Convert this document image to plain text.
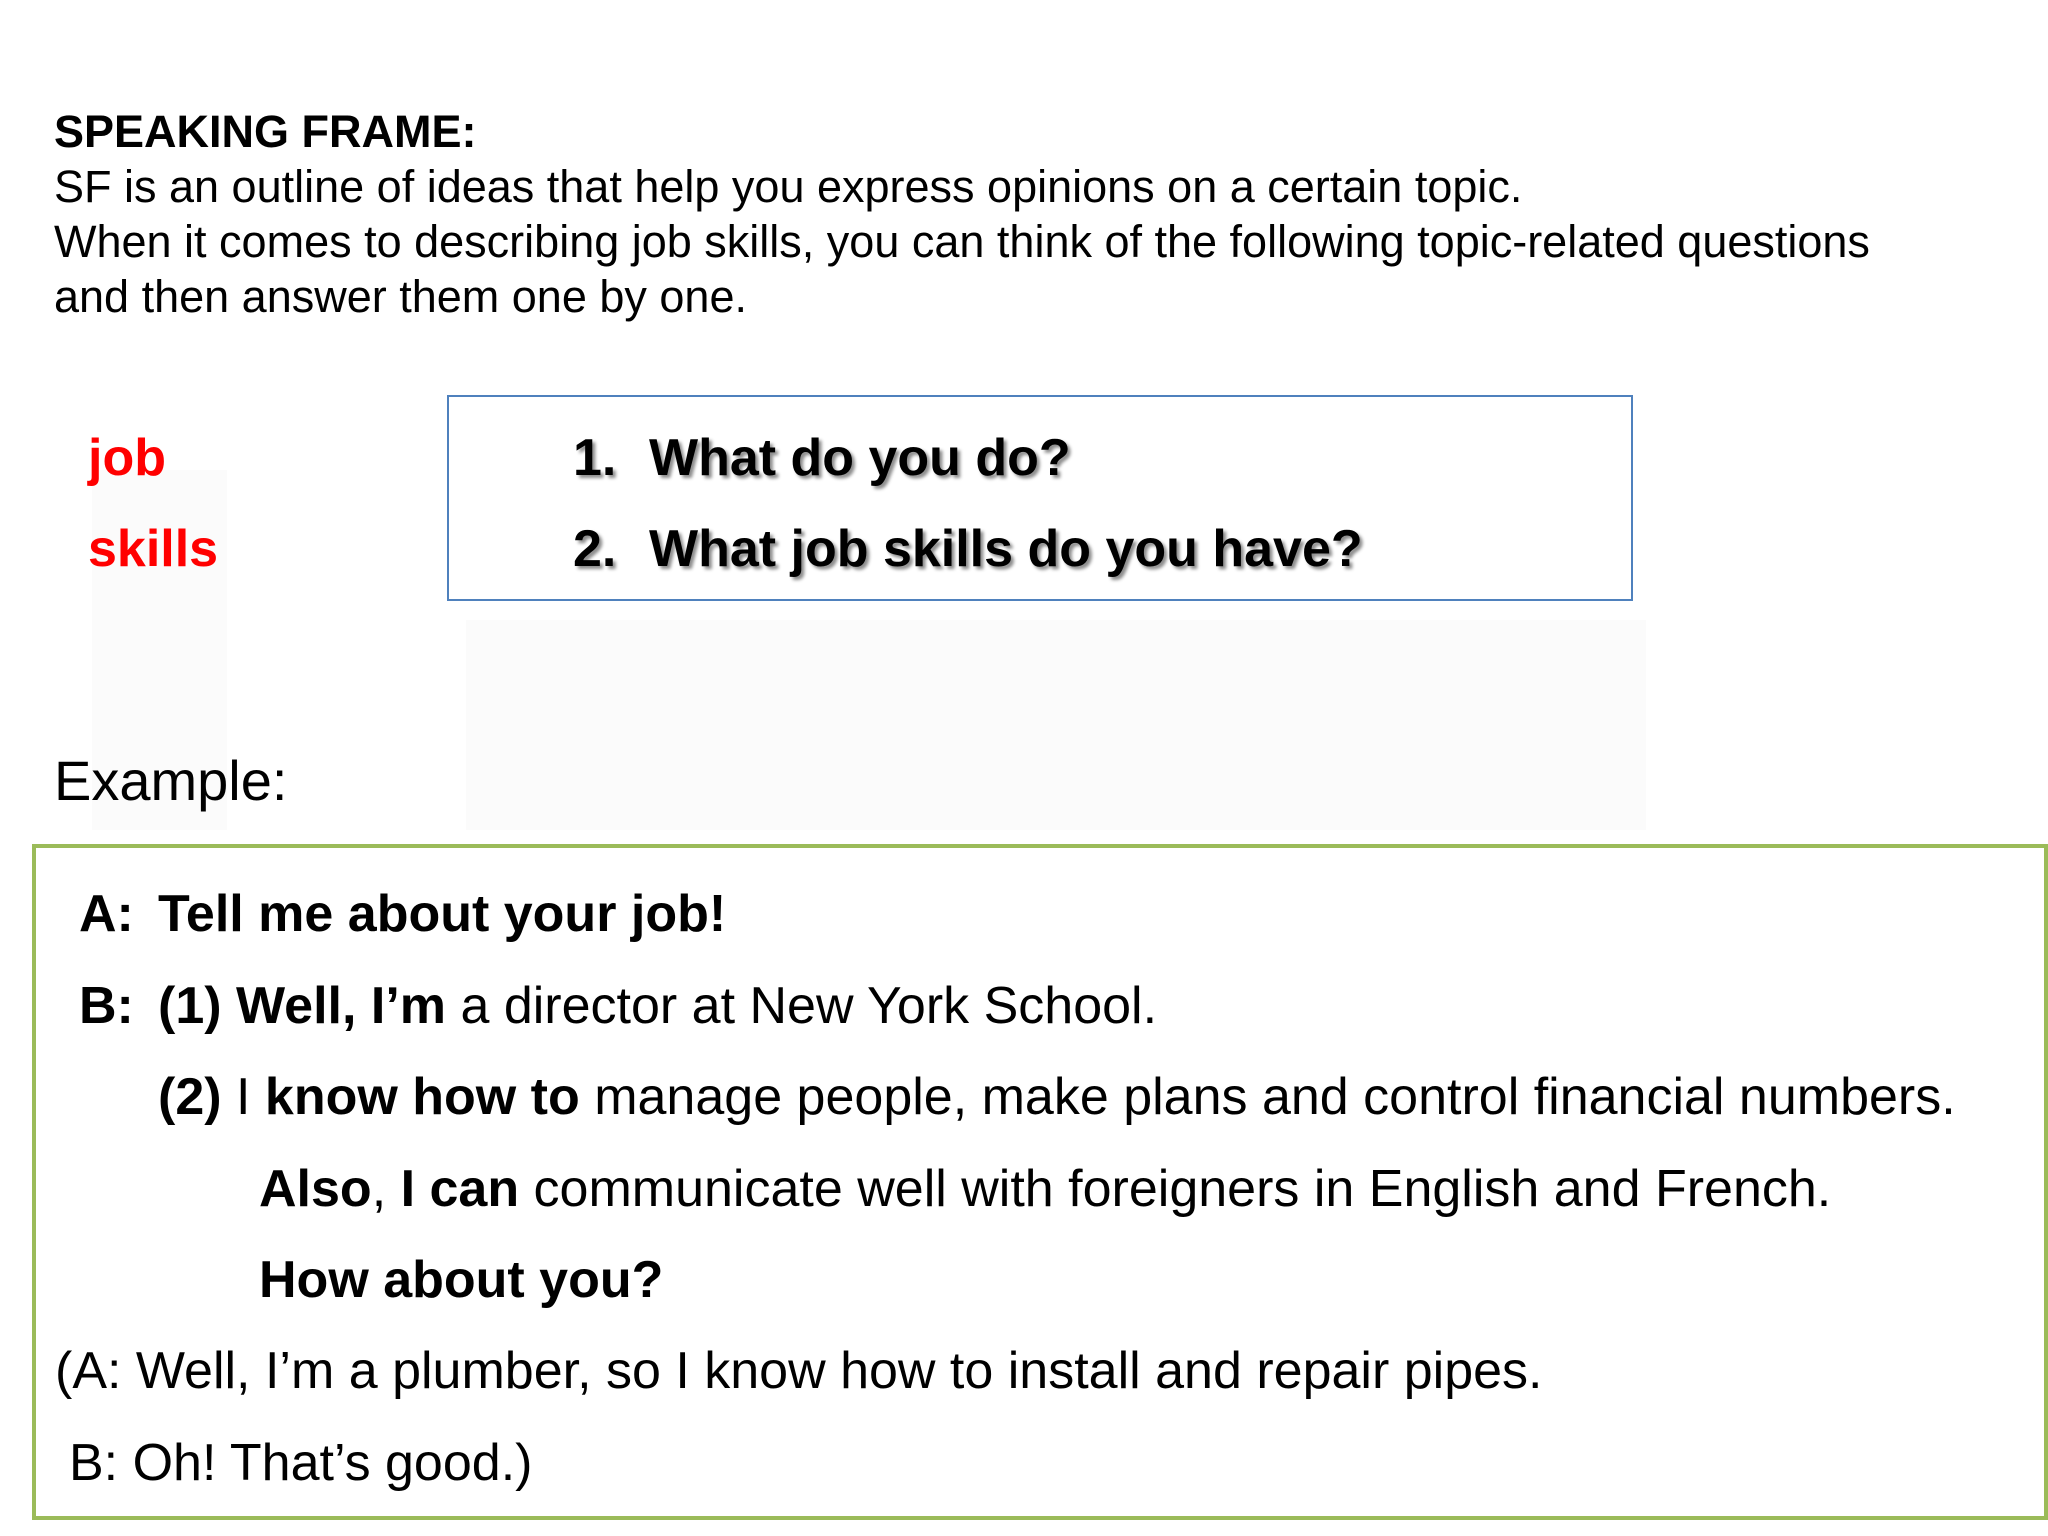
SPEAKING FRAME:
SF is an outline of ideas that help you express opinions on a certain topic.
When it comes to describing job skills, you can think of the following topic-related questions
and then answer them one by one.
job
skills
1. What do you do?
2. What job skills do you have?
Example:
A: Tell me about your job!
B: (1) Well, I’m a director at New York School.
(2) I know how to manage people, make plans and control financial numbers.
Also, I can communicate well with foreigners in English and French.
How about you?
(A: Well, I’m a plumber, so I know how to install and repair pipes.
B: Oh! That’s good.)
